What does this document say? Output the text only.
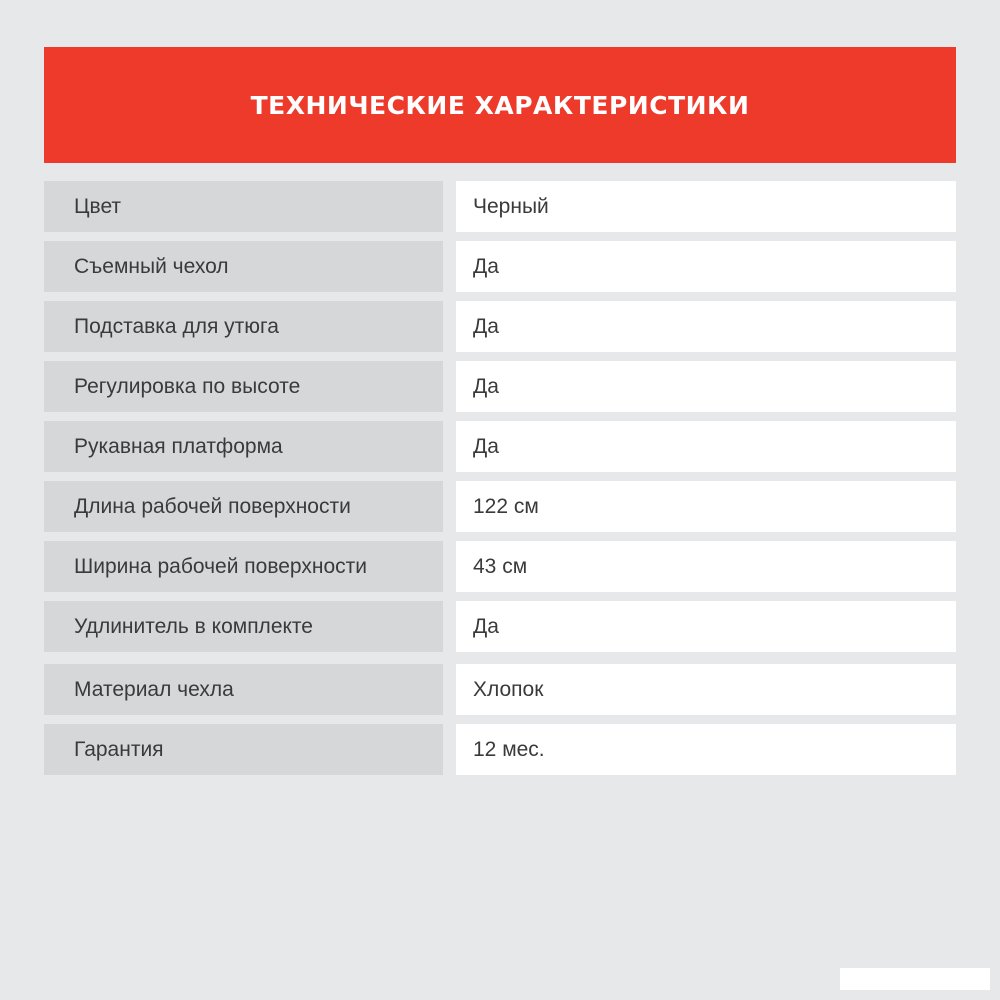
ТЕХНИЧЕСКИЕ ХАРАКТЕРИСТИКИ
Цвет	Черный
Съемный чехол	Да
Подставка для утюга	Да
Регулировка по высоте	Да
Рукавная платформа	Да
Длина рабочей поверхности	122 см
Ширина рабочей поверхности	43 см
Удлинитель в комплекте	Да
Материал чехла	Хлопок
Гарантия	12 мес.
